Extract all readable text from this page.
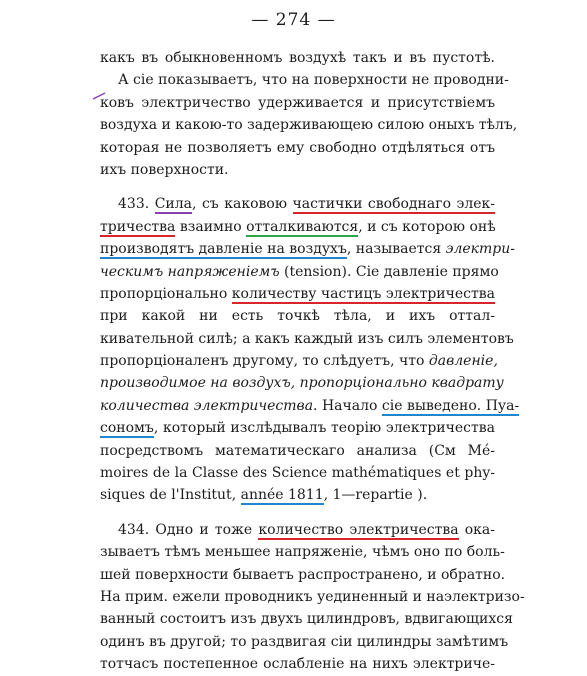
— 274 —
какъ въ обыкновенномъ воздухѣ такъ и въ пустотѣ.
А сіе показываетъ, что на поверхности не проводни-
ковъ электричество удерживается и присутствіемъ
воздуха и какою-то задерживающею силою оныхъ тѣлъ,
которая не позволяетъ ему свободно отдѣляться отъ
ихъ поверхности.
433. Сила, съ каковою частички свободнаго элек-
тричества взаимно отталкиваются, и съ которою онѣ
производятъ давленіе на воздухъ, называется электри-
ческимъ напряженіемъ (tension). Сіе давленіе прямо
пропорціонально количеству частицъ электричества
при какой ни есть точкѣ тѣла, и ихъ оттал-
кивательной силѣ; а какъ каждый изъ силъ элементовъ
пропорціоналенъ другому, то слѣдуетъ, что давленіе,
производимое на воздухъ, пропорціонально квадрату
количества электричества. Начало сіе выведено. Пуа-
сономъ, который изслѣдывалъ теорію электричества
посредствомъ математическаго анализа (См Mé-
moires de la Classe des Science mathématiques et phy-
siques de l'Institut, année 1811, 1—repartie ).
434. Одно и тоже количество электричества ока-
зываетъ тѣмъ меньшее напряженіе, чѣмъ оно по боль-
шей поверхности бываетъ распространено, и обратно.
На прим. ежели проводникъ уединенный и наэлектризо-
ванный состоитъ изъ двухъ цилиндровъ, вдвигающихся
одинъ въ другой; то раздвигая сіи цилиндры замѣтимъ
тотчасъ постепенное ослабленіе на нихъ электриче-
